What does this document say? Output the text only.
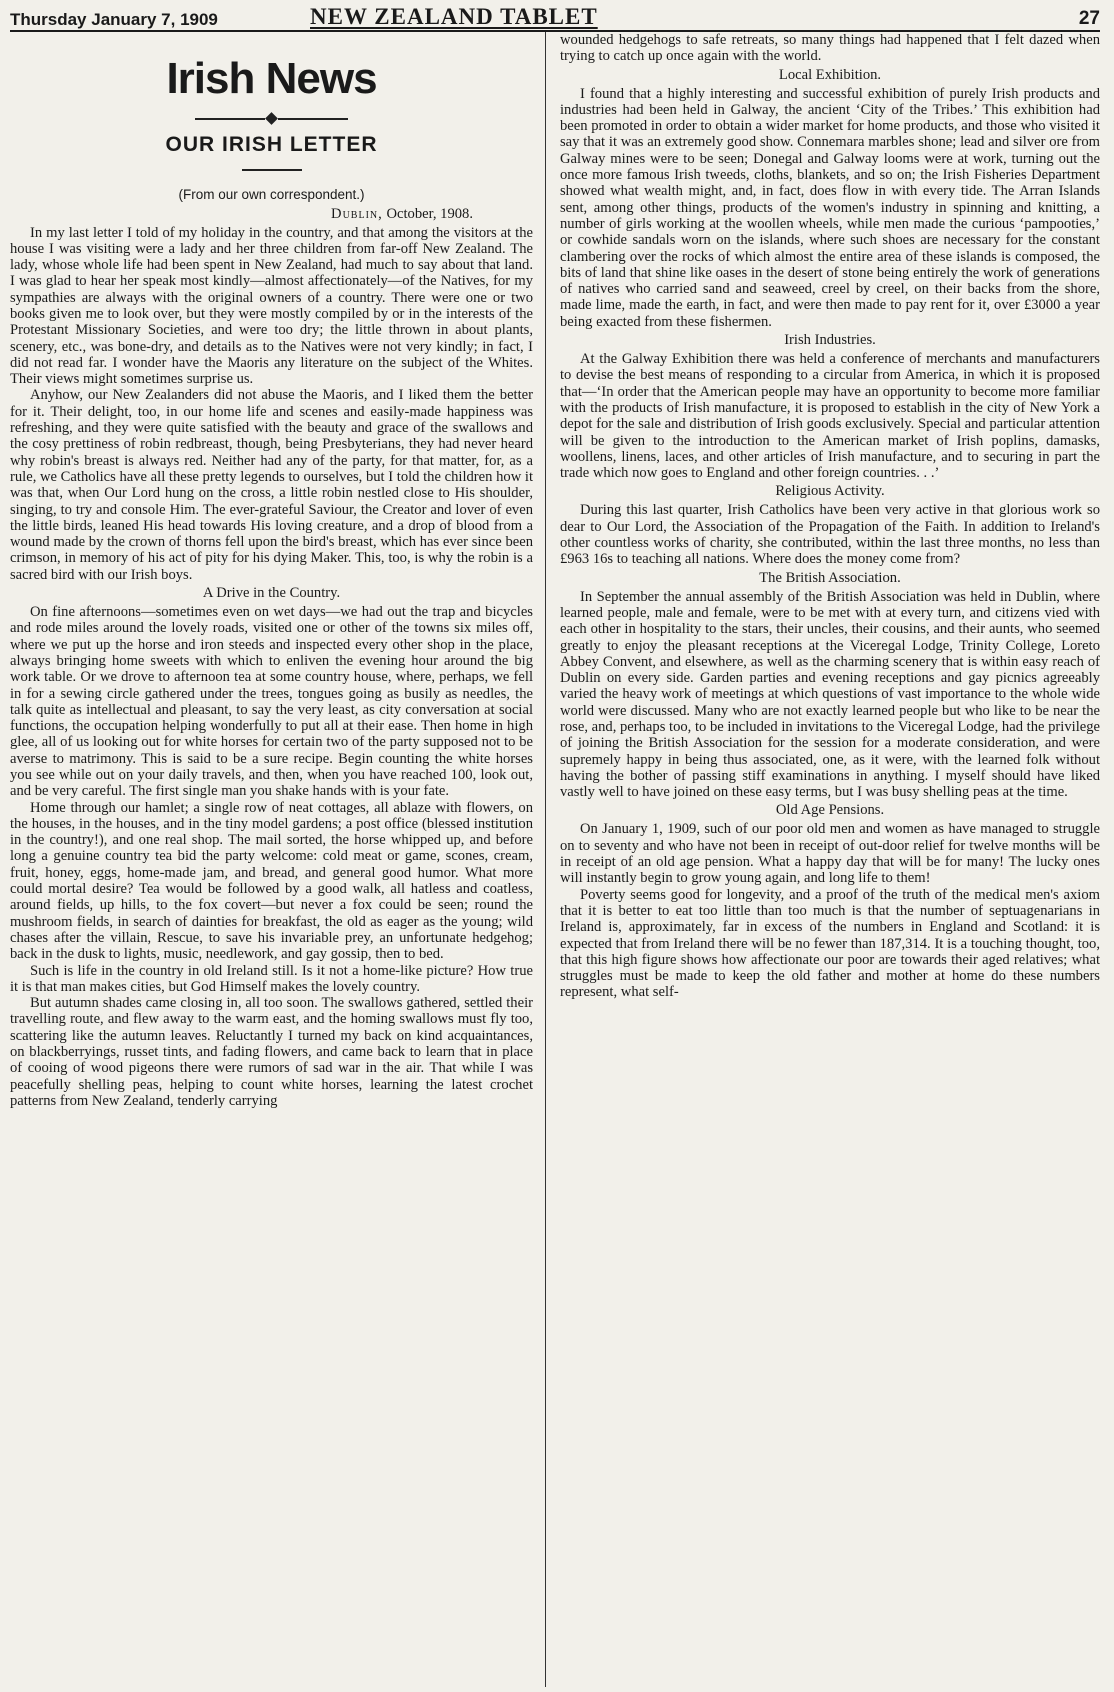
Thursday January 7, 1909	NEW ZEALAND TABLET	27
Irish News
OUR IRISH LETTER
(From our own correspondent.)
Dublin, October, 1908.

In my last letter I told of my holiday in the country, and that among the visitors at the house I was visiting were a lady and her three children from far-off New Zealand. The lady, whose whole life had been spent in New Zealand, had much to say about that land. I was glad to hear her speak most kindly—almost affectionately—of the Natives, for my sympathies are always with the original owners of a country. There were one or two books given me to look over, but they were mostly compiled by or in the interests of the Protestant Missionary Societies, and were too dry; the little thrown in about plants, scenery, etc., was bone-dry, and details as to the Natives were not very kindly; in fact, I did not read far. I wonder have the Maoris any literature on the subject of the Whites. Their views might sometimes surprise us.

Anyhow, our New Zealanders did not abuse the Maoris, and I liked them the better for it. Their delight, too, in our home life and scenes and easily-made happiness was refreshing, and they were quite satisfied with the beauty and grace of the swallows and the cosy prettiness of robin redbreast, though, being Presbyterians, they had never heard why robin's breast is always red. Neither had any of the party, for that matter, for, as a rule, we Catholics have all these pretty legends to ourselves, but I told the children how it was that, when Our Lord hung on the cross, a little robin nestled close to His shoulder, singing, to try and console Him. The ever-grateful Saviour, the Creator and lover of even the little birds, leaned His head towards His loving creature, and a drop of blood from a wound made by the crown of thorns fell upon the bird's breast, which has ever since been crimson, in memory of his act of pity for his dying Maker. This, too, is why the robin is a sacred bird with our Irish boys.

A Drive in the Country.

On fine afternoons—sometimes even on wet days—we had out the trap and bicycles and rode miles around the lovely roads, visited one or other of the towns six miles off, where we put up the horse and iron steeds and inspected every other shop in the place, always bringing home sweets with which to enliven the evening hour around the big work table. Or we drove to afternoon tea at some country house, where, perhaps, we fell in for a sewing circle gathered under the trees, tongues going as busily as needles, the talk quite as intellectual and pleasant, to say the very least, as city conversation at social functions, the occupation helping wonderfully to put all at their ease. Then home in high glee, all of us looking out for white horses for certain two of the party supposed not to be averse to matrimony. This is said to be a sure recipe. Begin counting the white horses you see while out on your daily travels, and then, when you have reached 100, look out, and be very careful. The first single man you shake hands with is your fate.

Home through our hamlet; a single row of neat cottages, all ablaze with flowers, on the houses, in the houses, and in the tiny model gardens; a post office (blessed institution in the country!), and one real shop. The mail sorted, the horse whipped up, and before long a genuine country tea bid the party welcome: cold meat or game, scones, cream, fruit, honey, eggs, home-made jam, and bread, and general good humor. What more could mortal desire? Tea would be followed by a good walk, all hatless and coatless, around fields, up hills, to the fox covert—but never a fox could be seen; round the mushroom fields, in search of dainties for breakfast, the old as eager as the young; wild chases after the villain, Rescue, to save his invariable prey, an unfortunate hedgehog; back in the dusk to lights, music, needlework, and gay gossip, then to bed.

Such is life in the country in old Ireland still. Is it not a home-like picture? How true it is that man makes cities, but God Himself makes the lovely country.

But autumn shades came closing in, all too soon. The swallows gathered, settled their travelling route, and flew away to the warm east, and the homing swallows must fly too, scattering like the autumn leaves. Reluctantly I turned my back on kind acquaintances, on blackberryings, russet tints, and fading flowers, and came back to learn that in place of cooing of wood pigeons there were rumors of sad war in the air. That while I was peacefully shelling peas, helping to count white horses, learning the latest crochet patterns from New Zealand, tenderly carrying

wounded hedgehogs to safe retreats, so many things had happened that I felt dazed when trying to catch up once again with the world.

Local Exhibition.

I found that a highly interesting and successful exhibition of purely Irish products and industries had been held in Galway, the ancient ‘City of the Tribes.’ This exhibition had been promoted in order to obtain a wider market for home products, and those who visited it say that it was an extremely good show. Connemara marbles shone; lead and silver ore from Galway mines were to be seen; Donegal and Galway looms were at work, turning out the once more famous Irish tweeds, cloths, blankets, and so on; the Irish Fisheries Department showed what wealth might, and, in fact, does flow in with every tide. The Arran Islands sent, among other things, products of the women's industry in spinning and knitting, a number of girls working at the woollen wheels, while men made the curious ‘pampooties,’ or cowhide sandals worn on the islands, where such shoes are necessary for the constant clambering over the rocks of which almost the entire area of these islands is composed, the bits of land that shine like oases in the desert of stone being entirely the work of generations of natives who carried sand and seaweed, creel by creel, on their backs from the shore, made lime, made the earth, in fact, and were then made to pay rent for it, over £3000 a year being exacted from these fishermen.

Irish Industries.

At the Galway Exhibition there was held a conference of merchants and manufacturers to devise the best means of responding to a circular from America, in which it is proposed that—‘In order that the American people may have an opportunity to become more familiar with the products of Irish manufacture, it is proposed to establish in the city of New York a depot for the sale and distribution of Irish goods exclusively. Special and particular attention will be given to the introduction to the American market of Irish poplins, damasks, woollens, linens, laces, and other articles of Irish manufacture, and to securing in part the trade which now goes to England and other foreign countries. . .’

Religious Activity.

During this last quarter, Irish Catholics have been very active in that glorious work so dear to Our Lord, the Association of the Propagation of the Faith. In addition to Ireland's other countless works of charity, she contributed, within the last three months, no less than £963 16s to teaching all nations. Where does the money come from?

The British Association.

In September the annual assembly of the British Association was held in Dublin, where learned people, male and female, were to be met with at every turn, and citizens vied with each other in hospitality to the stars, their uncles, their cousins, and their aunts, who seemed greatly to enjoy the pleasant receptions at the Viceregal Lodge, Trinity College, Loreto Abbey Convent, and elsewhere, as well as the charming scenery that is within easy reach of Dublin on every side. Garden parties and evening receptions and gay picnics agreeably varied the heavy work of meetings at which questions of vast importance to the whole wide world were discussed. Many who are not exactly learned people but who like to be near the rose, and, perhaps too, to be included in invitations to the Viceregal Lodge, had the privilege of joining the British Association for the session for a moderate consideration, and were supremely happy in being thus associated, one, as it were, with the learned folk without having the bother of passing stiff examinations in anything. I myself should have liked vastly well to have joined on these easy terms, but I was busy shelling peas at the time.

Old Age Pensions.

On January 1, 1909, such of our poor old men and women as have managed to struggle on to seventy and who have not been in receipt of out-door relief for twelve months will be in receipt of an old age pension. What a happy day that will be for many! The lucky ones will instantly begin to grow young again, and long life to them!

Poverty seems good for longevity, and a proof of the truth of the medical men's axiom that it is better to eat too little than too much is that the number of septuagenarians in Ireland is, approximately, far in excess of the numbers in England and Scotland: it is expected that from Ireland there will be no fewer than 187,314. It is a touching thought, too, that this high figure shows how affectionate our poor are towards their aged relatives; what struggles must be made to keep the old father and mother at home do these numbers represent, what self-
